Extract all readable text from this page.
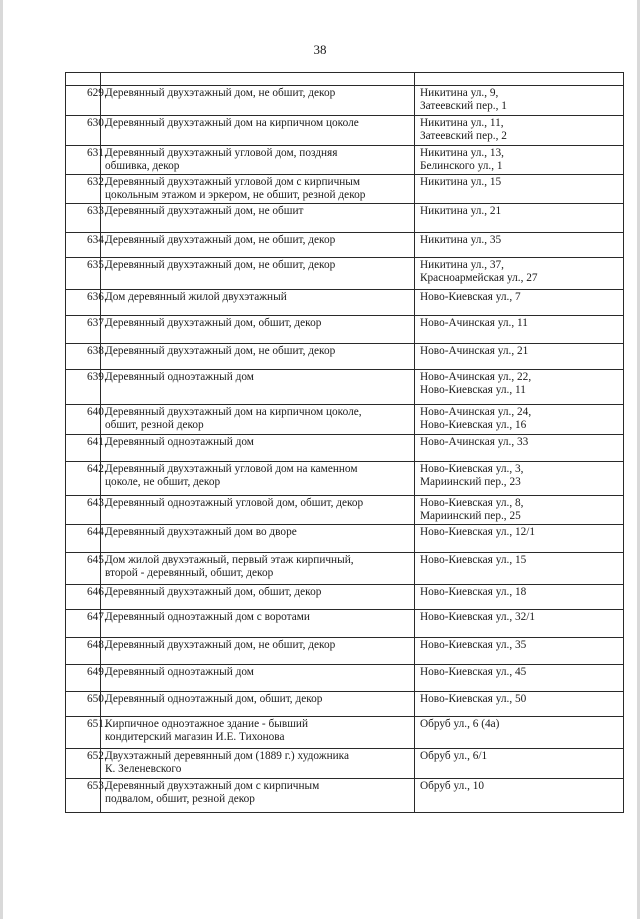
38

629.	Деревянный двухэтажный дом, не обшит, декор	Никитина ул., 9,
Затеевский пер., 1
630.	Деревянный двухэтажный дом на кирпичном цоколе	Никитина ул., 11,
Затеевский пер., 2
631.	Деревянный двухэтажный угловой дом, поздняя
обшивка, декор	Никитина ул., 13,
Белинского ул., 1
632.	Деревянный двухэтажный угловой дом с кирпичным
цокольным этажом и эркером, не обшит, резной декор	Никитина ул., 15
633.	Деревянный двухэтажный дом, не обшит	Никитина ул., 21
634.	Деревянный двухэтажный дом, не обшит, декор	Никитина ул., 35
635.	Деревянный двухэтажный дом, не обшит, декор	Никитина ул., 37,
Красноармейская ул., 27
636.	Дом деревянный жилой двухэтажный	Ново-Киевская ул., 7
637.	Деревянный двухэтажный дом, обшит, декор	Ново-Ачинская ул., 11
638.	Деревянный двухэтажный дом, не обшит, декор	Ново-Ачинская ул., 21
639.	Деревянный одноэтажный дом	Ново-Ачинская ул., 22,
Ново-Киевская ул., 11
640.	Деревянный двухэтажный дом на кирпичном цоколе,
обшит, резной декор	Ново-Ачинская ул., 24,
Ново-Киевская ул., 16
641.	Деревянный одноэтажный дом	Ново-Ачинская ул., 33
642.	Деревянный двухэтажный угловой дом на каменном
цоколе, не обшит, декор	Ново-Киевская ул., 3,
Мариинский пер., 23
643.	Деревянный одноэтажный угловой дом, обшит, декор	Ново-Киевская ул., 8,
Мариинский пер., 25
644.	Деревянный двухэтажный дом во дворе	Ново-Киевская ул., 12/1
645.	Дом жилой двухэтажный, первый этаж кирпичный,
второй - деревянный, обшит, декор	Ново-Киевская ул., 15
646.	Деревянный двухэтажный дом, обшит, декор	Ново-Киевская ул., 18
647.	Деревянный одноэтажный дом с воротами	Ново-Киевская ул., 32/1
648.	Деревянный двухэтажный дом, не обшит, декор	Ново-Киевская ул., 35
649.	Деревянный одноэтажный дом	Ново-Киевская ул., 45
650.	Деревянный одноэтажный дом, обшит, декор	Ново-Киевская ул., 50
651.	Кирпичное одноэтажное здание - бывший
кондитерский магазин И.Е. Тихонова	Обруб ул., 6 (4а)
652.	Двухэтажный деревянный дом (1889 г.) художника
К. Зеленевского	Обруб ул., 6/1
653.	Деревянный двухэтажный дом с кирпичным
подвалом, обшит, резной декор	Обруб ул., 10
